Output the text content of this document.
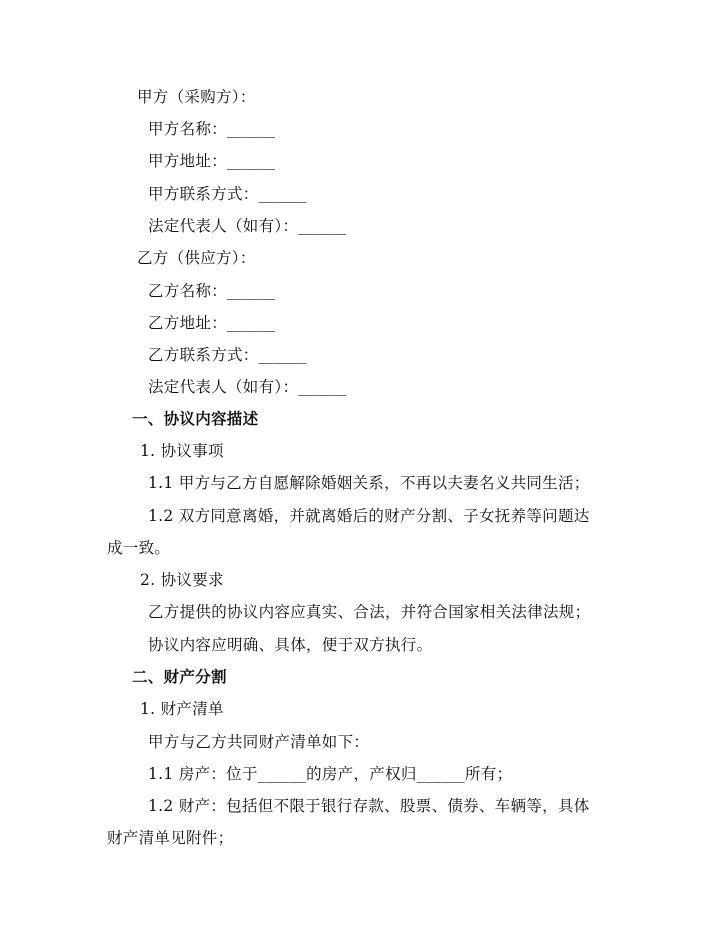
甲方（采购方）：
甲方名称：______
甲方地址：______
甲方联系方式：______
法定代表人（如有）：______
乙方（供应方）：
乙方名称：______
乙方地址：______
乙方联系方式：______
法定代表人（如有）：______
一、协议内容描述
1. 协议事项
1.1 甲方与乙方自愿解除婚姻关系，不再以夫妻名义共同生活；
1.2 双方同意离婚，并就离婚后的财产分割、子女抚养等问题达
成一致。
2. 协议要求
乙方提供的协议内容应真实、合法，并符合国家相关法律法规；
协议内容应明确、具体，便于双方执行。
二、财产分割
1. 财产清单
甲方与乙方共同财产清单如下：
1.1 房产：位于______的房产，产权归______所有；
1.2 财产：包括但不限于银行存款、股票、债券、车辆等，具体
财产清单见附件；
